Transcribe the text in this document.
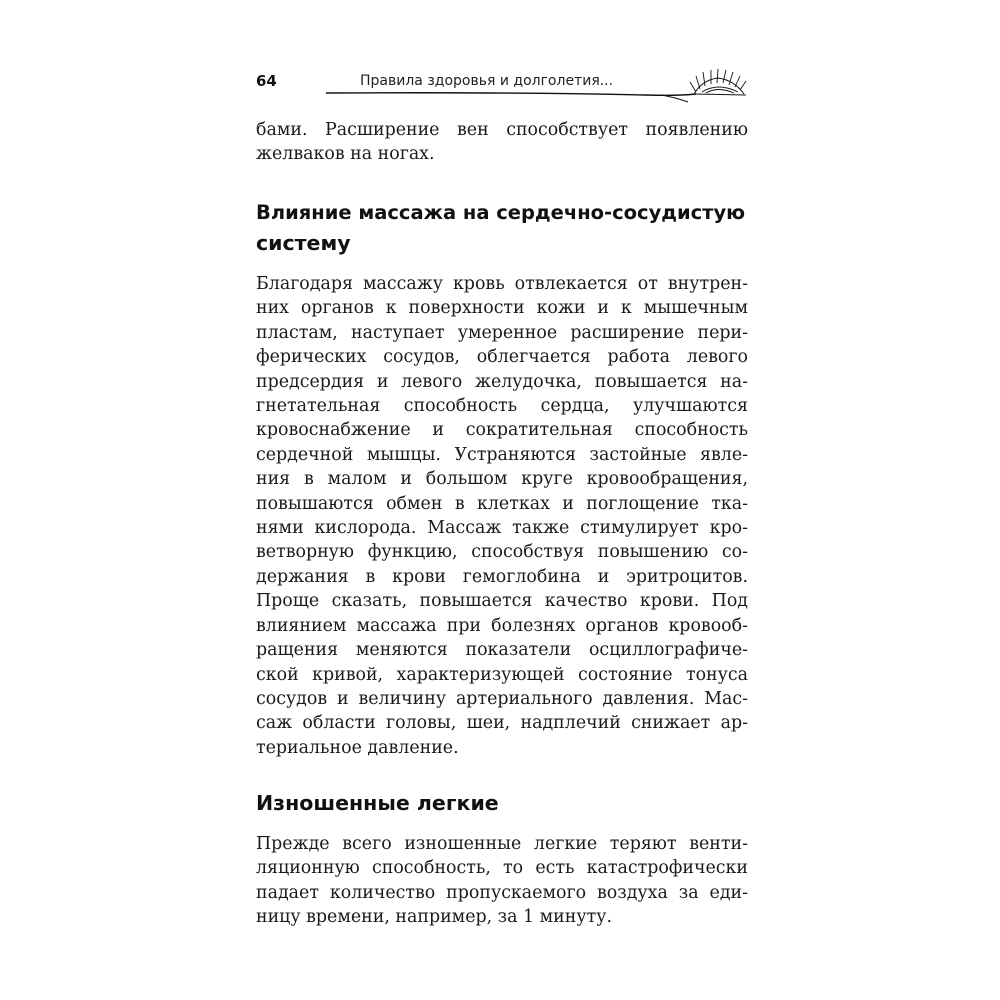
64	Правила здоровья и долголетия...

бами. Расширение вен способствует появлению
желваков на ногах.

Влияние массажа на сердечно-сосудистую
систему

Благодаря массажу кровь отвлекается от внутрен-
них органов к поверхности кожи и к мышечным
пластам, наступает умеренное расширение пери-
ферических сосудов, облегчается работа левого
предсердия и левого желудочка, повышается на-
гнетательная способность сердца, улучшаются
кровоснабжение и сократительная способность
сердечной мышцы. Устраняются застойные явле-
ния в малом и большом круге кровообращения,
повышаются обмен в клетках и поглощение тка-
нями кислорода. Массаж также стимулирует кро-
ветворную функцию, способствуя повышению со-
держания в крови гемоглобина и эритроцитов.
Проще сказать, повышается качество крови. Под
влиянием массажа при болезнях органов кровооб-
ращения меняются показатели осциллографиче-
ской кривой, характеризующей состояние тонуса
сосудов и величину артериального давления. Мас-
саж области головы, шеи, надплечий снижает ар-
териальное давление.

Изношенные легкие

Прежде всего изношенные легкие теряют венти-
ляционную способность, то есть катастрофически
падает количество пропускаемого воздуха за еди-
ницу времени, например, за 1 минуту.
